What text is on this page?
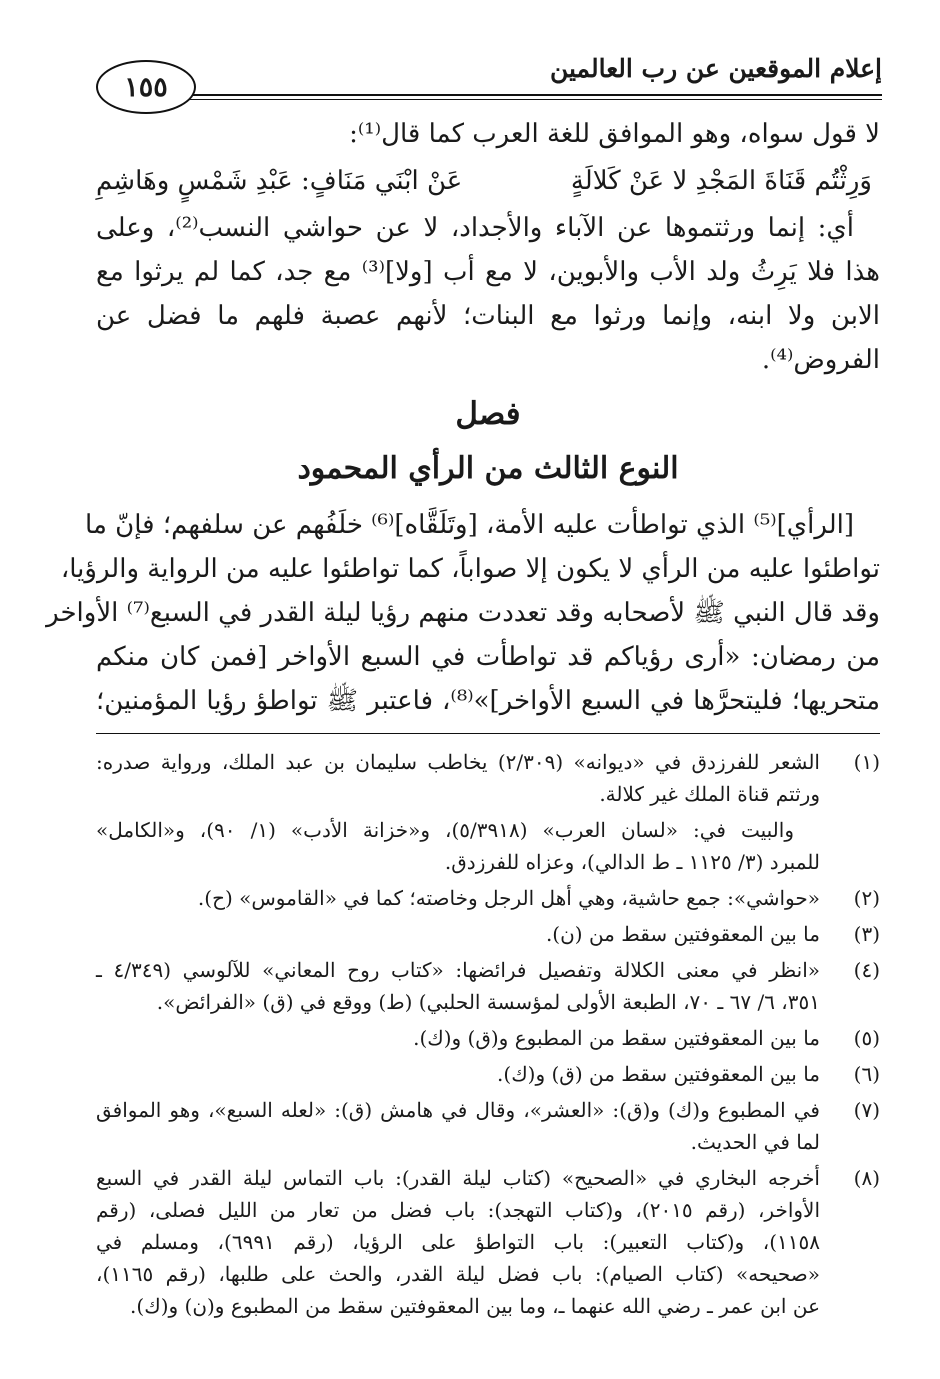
إعلام الموقعين عن رب العالمين
١٥٥
لا قول سواه، وهو الموافق للغة العرب كما قال⁽¹⁾:
وَرِثْتُم قَنَاةَ المَجْدِ لا عَنْ كَلالَةٍ
عَنْ ابْنَي مَنَافٍ: عَبْدِ شَمْسٍ وهَاشِمِ
أي: إنما ورثتموها عن الآباء والأجداد، لا عن حواشي النسب⁽²⁾، وعلى
هذا فلا يَرِثُ ولد الأب والأبوين، لا مع أب [ولا]⁽³⁾ مع جد، كما لم يرثوا مع
الابن ولا ابنه، وإنما ورثوا مع البنات؛ لأنهم عصبة فلهم ما فضل عن
الفروض⁽⁴⁾.
فصل
النوع الثالث من الرأي المحمود
[الرأي]⁽⁵⁾ الذي تواطأت عليه الأمة، [وتَلَقَّاه]⁽⁶⁾ خلَفُهم عن سلفهم؛ فإنّ ما
تواطئوا عليه من الرأي لا يكون إلا صواباً، كما تواطئوا عليه من الرواية والرؤيا،
وقد قال النبي ﷺ لأصحابه وقد تعددت منهم رؤيا ليلة القدر في السبع⁽⁷⁾ الأواخر
من رمضان: «أرى رؤياكم قد تواطأت في السبع الأواخر [فمن كان منكم
متحريها؛ فليتحرَّها في السبع الأواخر]»⁽⁸⁾، فاعتبر ﷺ تواطؤ رؤيا المؤمنين؛
(١)
الشعر للفرزدق في «ديوانه» (٢/٣٠٩) يخاطب سليمان بن عبد الملك، ورواية صدره:
ورثتم قناة الملك غير كلالة.
والبيت في: «لسان العرب» (٥/٣٩١٨)، و«خزانة الأدب» (١/ ٩٠)، و«الكامل»
للمبرد (٣/ ١١٢٥ ـ ط الدالي)، وعزاه للفرزدق.
(٢)
«حواشي»: جمع حاشية، وهي أهل الرجل وخاصته؛ كما في «القاموس» (ح).
(٣)
ما بين المعقوفتين سقط من (ن).
(٤)
«انظر في معنى الكلالة وتفصيل فرائضها: «كتاب روح المعاني» للآلوسي (٤/٣٤٩ ـ
٣٥١، ٦/ ٦٧ ـ ٧٠، الطبعة الأولى لمؤسسة الحلبي) (ط) ووقع في (ق) «الفرائض».
(٥)
ما بين المعقوفتين سقط من المطبوع و(ق) و(ك).
(٦)
ما بين المعقوفتين سقط من (ق) و(ك).
(٧)
في المطبوع و(ك) و(ق): «العشر»، وقال في هامش (ق): «لعله السبع»، وهو الموافق
لما في الحديث.
(٨)
أخرجه البخاري في «الصحيح» (كتاب ليلة القدر): باب التماس ليلة القدر في السبع
الأواخر، (رقم ٢٠١٥)، و(كتاب التهجد): باب فضل من تعار من الليل فصلى، (رقم
١١٥٨)، و(كتاب التعبير): باب التواطؤ على الرؤيا، (رقم ٦٩٩١)، ومسلم في
«صحيحه» (كتاب الصيام): باب فضل ليلة القدر، والحث على طلبها، (رقم ١١٦٥)،
عن ابن عمر ـ رضي الله عنهما ـ، وما بين المعقوفتين سقط من المطبوع و(ن) و(ك).
